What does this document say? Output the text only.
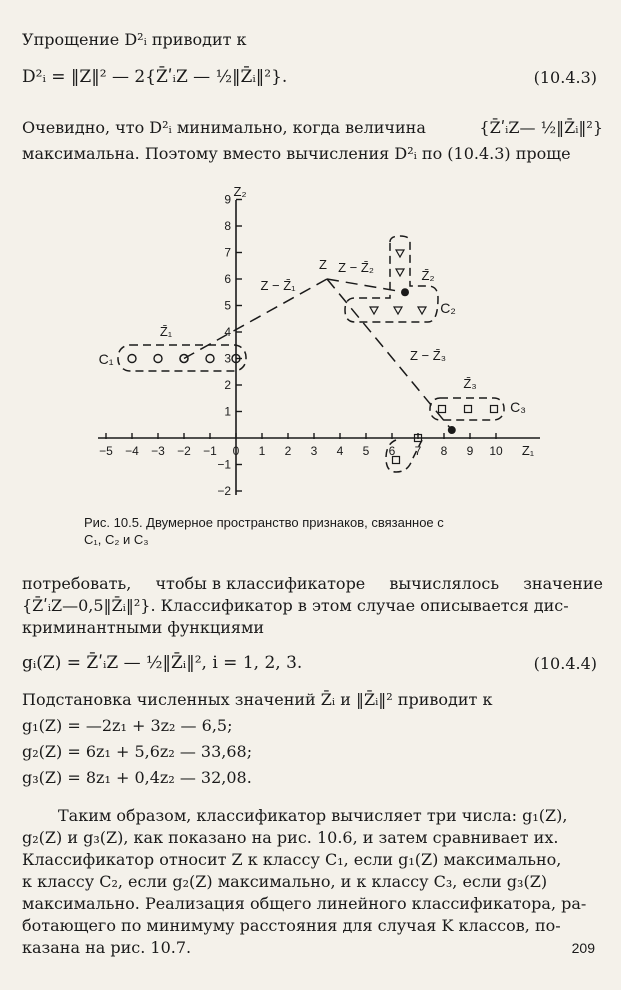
Упрощение D²ᵢ приводит к
D²ᵢ = ‖Z‖² — 2{Z̄ʹᵢZ — ½‖Z̄ᵢ‖²}.	(10.4.3)
Очевидно, что D²ᵢ минимально, когда величина	{Z̄ʹᵢZ— ½‖Z̄ᵢ‖²}
максимальна. Поэтому вместо вычисления D²ᵢ по (10.4.3) проще
−5 −4 −3 −2 −1 0 1 2 3 4 5 6 7 8 9 10
9
8
7
6
5
4
3
2
1
−1
−2
Z₂
Z₁
Z
Z − Z̄₁
Z − Z̄₂
Z − Z̄₃
C₁
Z̄₁
C₂
Z̄₂
C₃
Z̄₃
Рис. 10.5. Двумерное пространство признаков, связанное с
C₁, C₂ и C₃
потребовать, чтобы в классификаторе вычислялось значение
{Z̄ʹᵢZ—0,5‖Z̄ᵢ‖²}. Классификатор в этом случае описывается дис-
криминантными функциями
gᵢ(Z) = Z̄ʹᵢZ — ½‖Z̄ᵢ‖², i = 1, 2, 3.	(10.4.4)
Подстановка численных значений Z̄ᵢ и ‖Z̄ᵢ‖² приводит к
g₁(Z) = —2z₁ + 3z₂ — 6,5;
g₂(Z) = 6z₁ + 5,6z₂ — 33,68;
g₃(Z) = 8z₁ + 0,4z₂ — 32,08.
Таким образом, классификатор вычисляет три числа: g₁(Z),
g₂(Z) и g₃(Z), как показано на рис. 10.6, и затем сравнивает их.
Классификатор относит Z к классу C₁, если g₁(Z) максимально,
к классу C₂, если g₂(Z) максимально, и к классу C₃, если g₃(Z)
максимально. Реализация общего линейного классификатора, ра-
ботающего по минимуму расстояния для случая K классов, по-
казана на рис. 10.7.	209
